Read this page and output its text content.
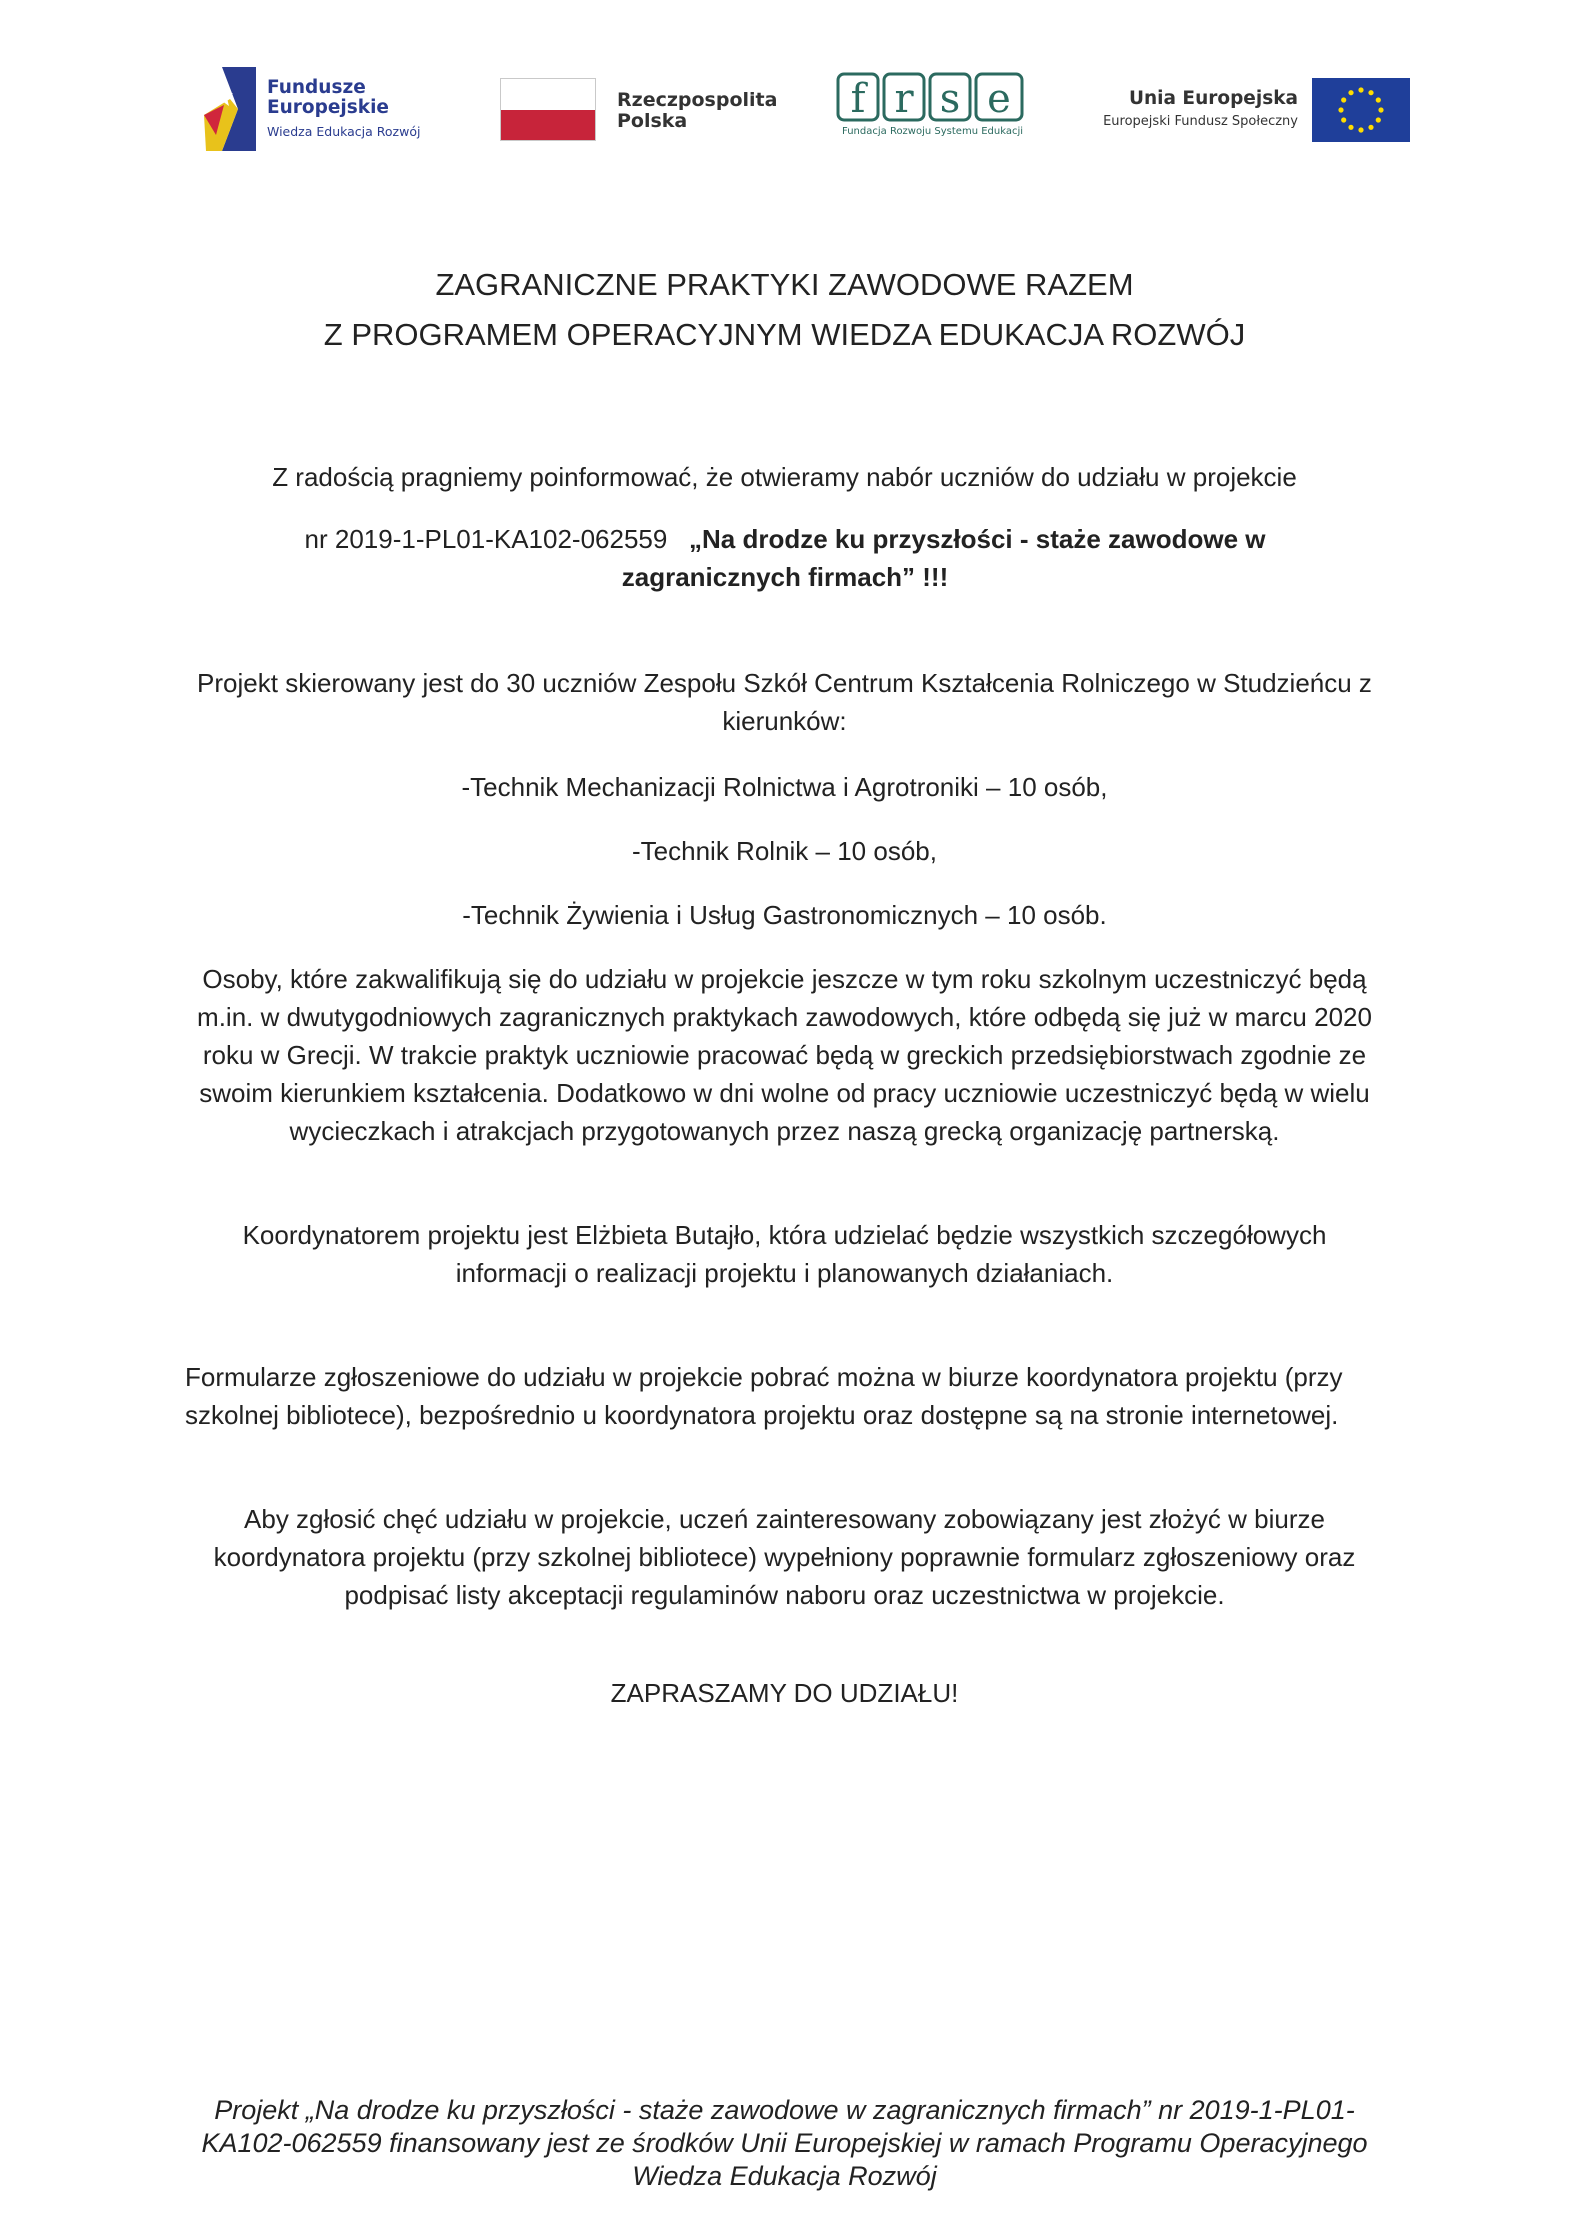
Fundusze
Europejskie
Wiedza Edukacja Rozwój
Rzeczpospolita
Polska	f r s e
Fundacja Rozwoju Systemu Edukacji
Unia Europejska
Europejski Fundusz Społeczny
ZAGRANICZNE PRAKTYKI ZAWODOWE RAZEM
Z PROGRAMEM OPERACYJNYM WIEDZA EDUKACJA ROZWÓJ

Z radością pragniemy poinformować, że otwieramy nabór uczniów do udziału w projekcie

nr 2019-1-PL01-KA102-062559 „Na drodze ku przyszłości - staże zawodowe w zagranicznych firmach” !!!

Projekt skierowany jest do 30 uczniów Zespołu Szkół Centrum Kształcenia Rolniczego w Studzieńcu z kierunków:

-Technik Mechanizacji Rolnictwa i Agrotroniki – 10 osób,

-Technik Rolnik – 10 osób,

-Technik Żywienia i Usług Gastronomicznych – 10 osób.

Osoby, które zakwalifikują się do udziału w projekcie jeszcze w tym roku szkolnym uczestniczyć będą m.in. w dwutygodniowych zagranicznych praktykach zawodowych, które odbędą się już w marcu 2020 roku w Grecji. W trakcie praktyk uczniowie pracować będą w greckich przedsiębiorstwach zgodnie ze swoim kierunkiem kształcenia. Dodatkowo w dni wolne od pracy uczniowie uczestniczyć będą w wielu wycieczkach i atrakcjach przygotowanych przez naszą grecką organizację partnerską.

Koordynatorem projektu jest Elżbieta Butajło, która udzielać będzie wszystkich szczegółowych informacji o realizacji projektu i planowanych działaniach.

Formularze zgłoszeniowe do udziału w projekcie pobrać można w biurze koordynatora projektu (przy szkolnej bibliotece), bezpośrednio u koordynatora projektu oraz dostępne są na stronie internetowej.

Aby zgłosić chęć udziału w projekcie, uczeń zainteresowany zobowiązany jest złożyć w biurze koordynatora projektu (przy szkolnej bibliotece) wypełniony poprawnie formularz zgłoszeniowy oraz podpisać listy akceptacji regulaminów naboru oraz uczestnictwa w projekcie.

ZAPRASZAMY DO UDZIAŁU!

Projekt „Na drodze ku przyszłości - staże zawodowe w zagranicznych firmach” nr 2019-1-PL01-KA102-062559 finansowany jest ze środków Unii Europejskiej w ramach Programu Operacyjnego Wiedza Edukacja Rozwój
